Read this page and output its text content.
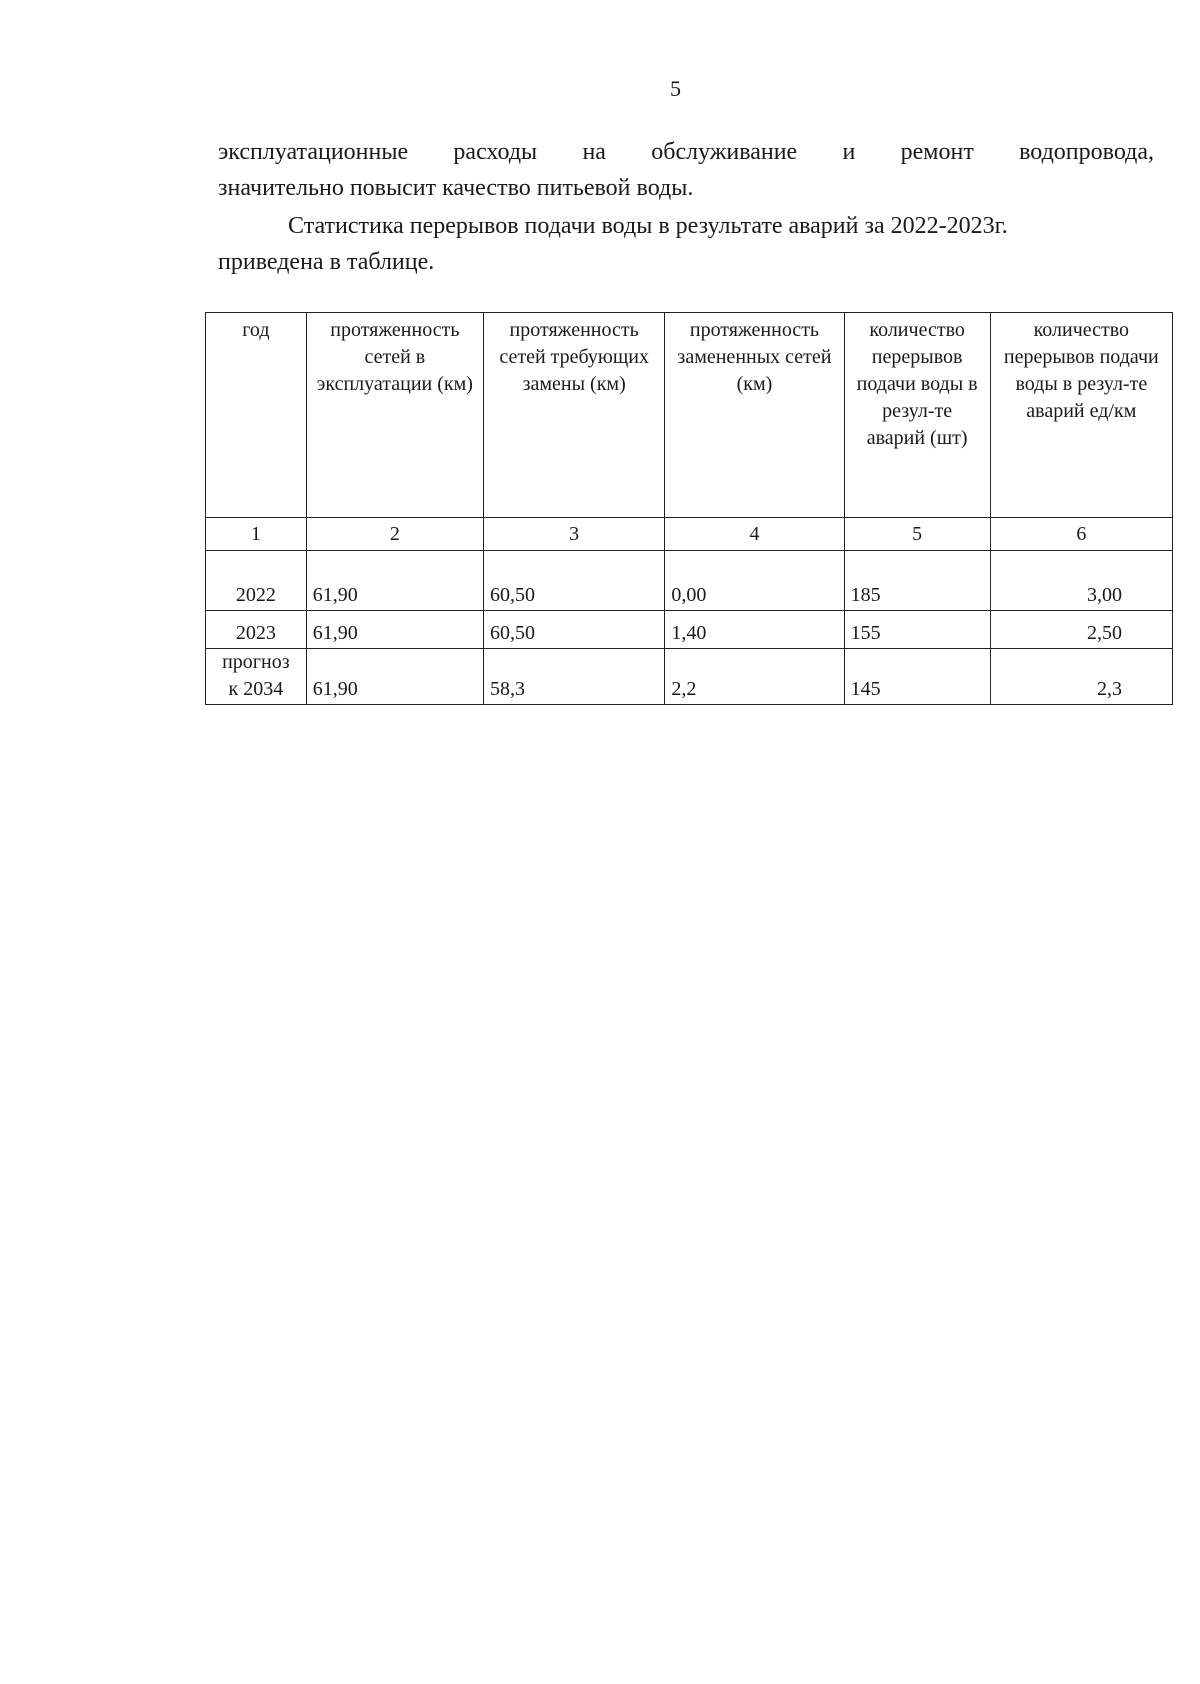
5
эксплуатационные расходы на обслуживание и ремонт водопровода,
значительно повысит качество питьевой воды.
Статистика перерывов подачи воды в результате аварий за 2022-2023г.
приведена в таблице.
год	протяженность сетей в эксплуатации (км)	протяженность сетей требующих замены (км)	протяженность замененных сетей (км)	количество перерывов подачи воды в резул-те аварий (шт)	количество перерывов подачи воды в резул-те аварий ед/км
1	2	3	4	5	6

2022	61,90	60,50	0,00	185	3,00

2023	61,90	60,50	1,40	155	2,50

прогноз
к 2034	61,90	58,3	2,2	145	2,3
